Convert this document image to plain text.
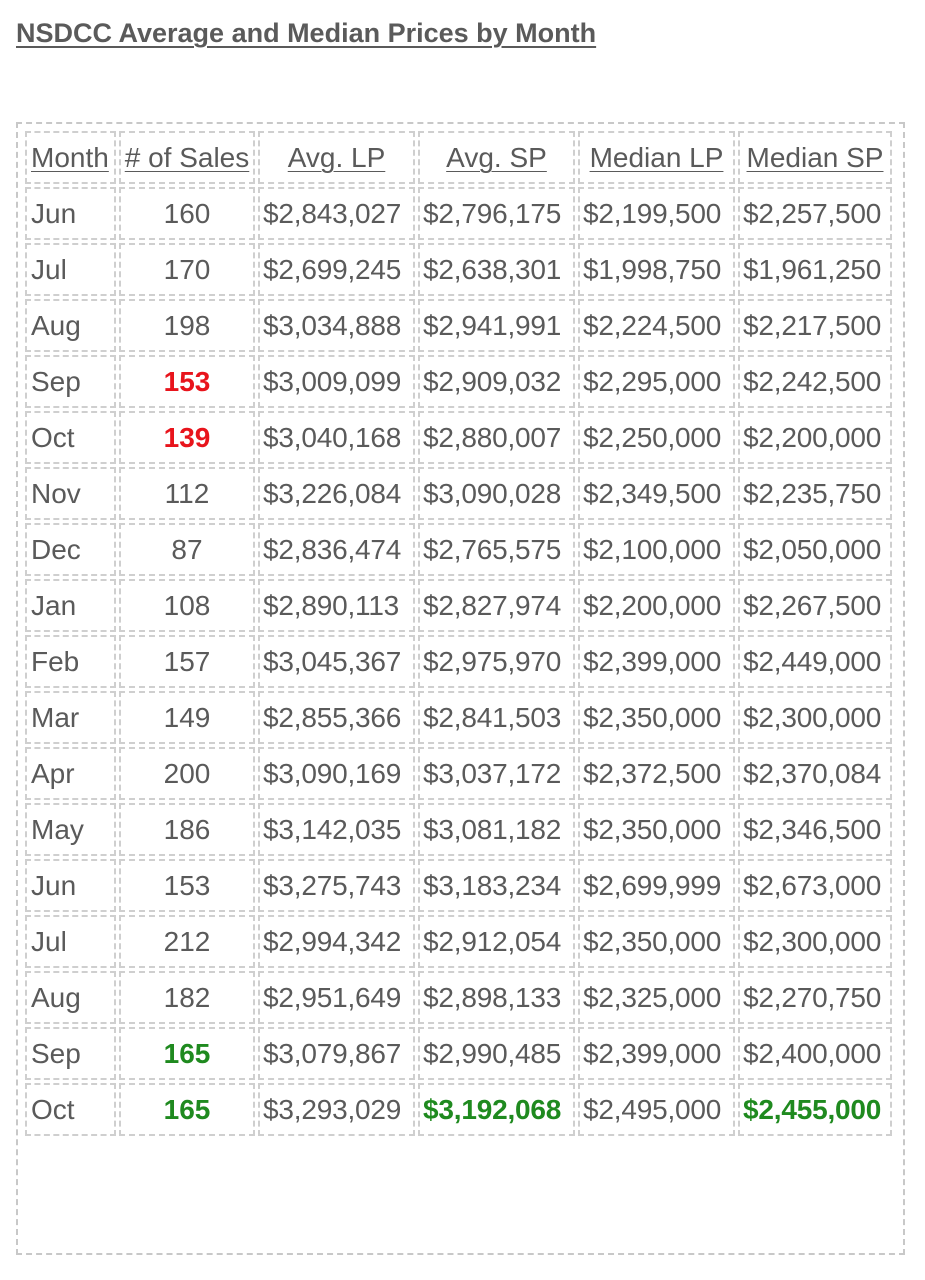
NSDCC Average and Median Prices by Month
Month	# of Sales	Avg. LP	Avg. SP	Median LP	Median SP
Jun	160	$2,843,027	$2,796,175	$2,199,500	$2,257,500
Jul	170	$2,699,245	$2,638,301	$1,998,750	$1,961,250
Aug	198	$3,034,888	$2,941,991	$2,224,500	$2,217,500
Sep	153	$3,009,099	$2,909,032	$2,295,000	$2,242,500
Oct	139	$3,040,168	$2,880,007	$2,250,000	$2,200,000
Nov	112	$3,226,084	$3,090,028	$2,349,500	$2,235,750
Dec	87	$2,836,474	$2,765,575	$2,100,000	$2,050,000
Jan	108	$2,890,113	$2,827,974	$2,200,000	$2,267,500
Feb	157	$3,045,367	$2,975,970	$2,399,000	$2,449,000
Mar	149	$2,855,366	$2,841,503	$2,350,000	$2,300,000
Apr	200	$3,090,169	$3,037,172	$2,372,500	$2,370,084
May	186	$3,142,035	$3,081,182	$2,350,000	$2,346,500
Jun	153	$3,275,743	$3,183,234	$2,699,999	$2,673,000
Jul	212	$2,994,342	$2,912,054	$2,350,000	$2,300,000
Aug	182	$2,951,649	$2,898,133	$2,325,000	$2,270,750
Sep	165	$3,079,867	$2,990,485	$2,399,000	$2,400,000
Oct	165	$3,293,029	$3,192,068	$2,495,000	$2,455,000
